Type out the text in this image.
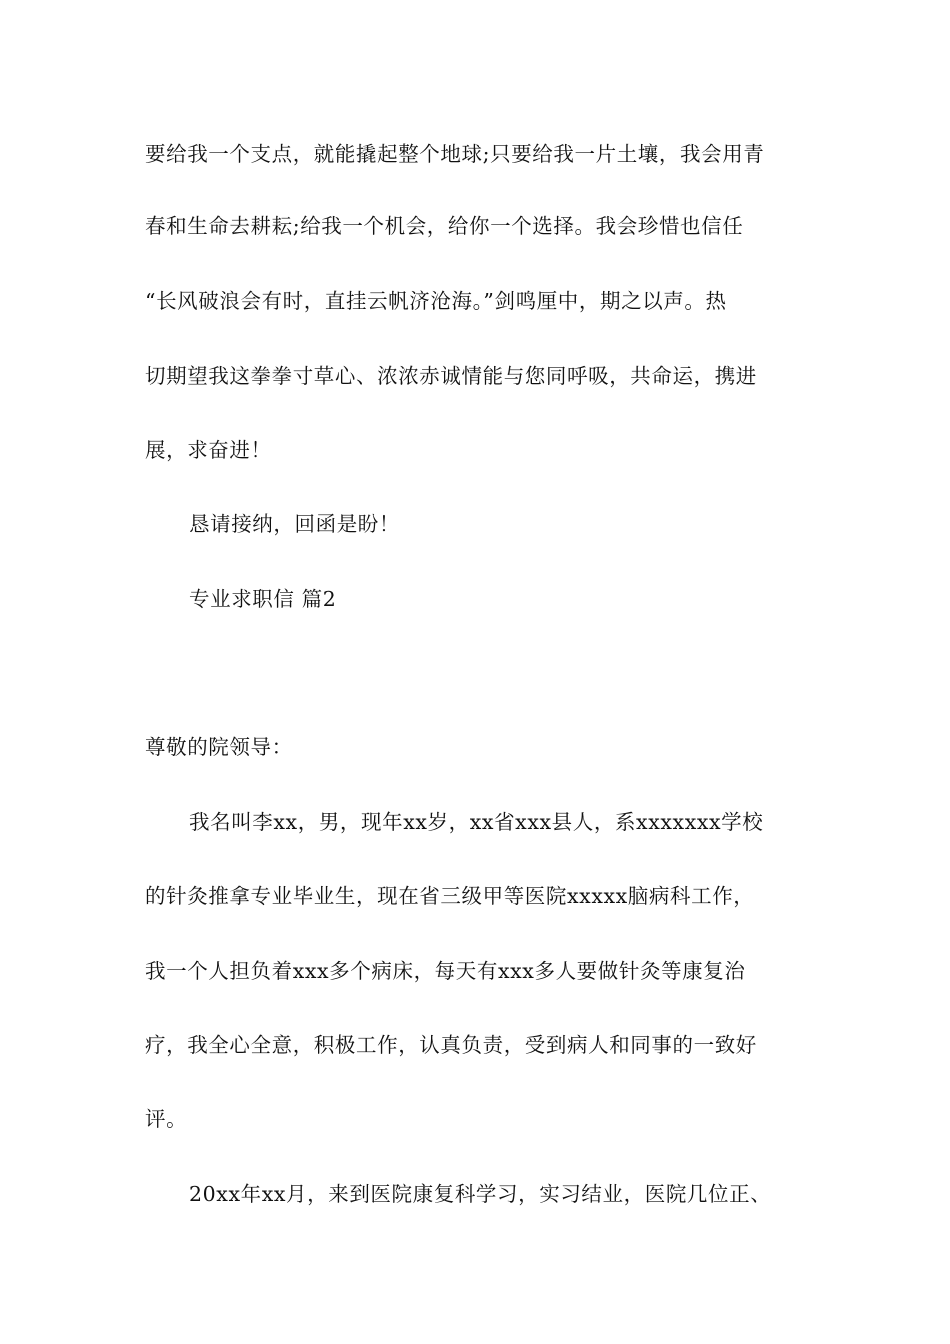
要给我一个支点，就能撬起整个地球;只要给我一片土壤，我会用青
春和生命去耕耘;给我一个机会，给你一个选择。我会珍惜也信任
“长风破浪会有时，直挂云帆济沧海。”剑鸣厘中，期之以声。热
切期望我这拳拳寸草心、浓浓赤诚情能与您同呼吸，共命运，携进
展，求奋进！
恳请接纳，回函是盼！
专业求职信 篇2
尊敬的院领导：
我名叫李xx，男，现年xx岁，xx省xxx县人，系xxxxxxx学校
的针灸推拿专业毕业生，现在省三级甲等医院xxxxx脑病科工作，
我一个人担负着xxx多个病床，每天有xxx多人要做针灸等康复治
疗，我全心全意，积极工作，认真负责，受到病人和同事的一致好
评。
20xx年xx月，来到医院康复科学习，实习结业，医院几位正、
